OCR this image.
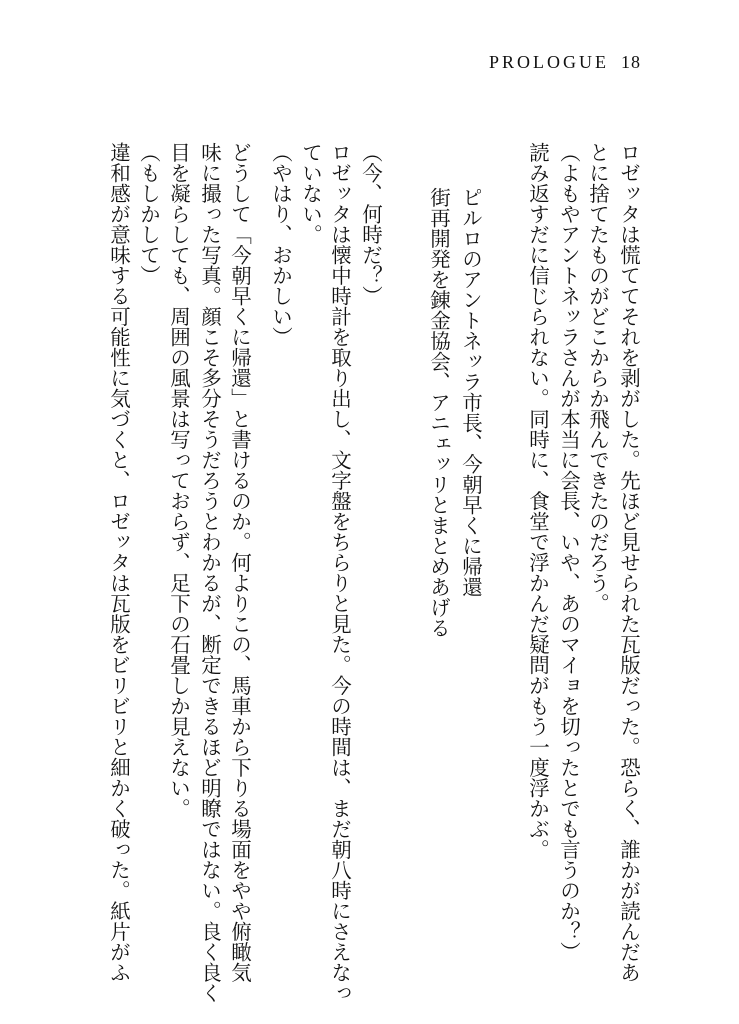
PROLOGUE 18
ロゼッタは慌ててそれを剥がした。先ほど見せられた瓦版だった。恐らく、誰かが読んだあ
とに捨てたものがどこからか飛んできたのだろう。
（よもやアントネッラさんが本当に会長、いや、あのマイョを切ったとでも言うのか？）
読み返すだに信じられない。同時に、食堂で浮かんだ疑問がもう一度浮かぶ。
ピルロのアントネッラ市長、今朝早くに帰還
街再開発を錬金協会、アニェッリとまとめあげる
（今、何時だ？）
ロゼッタは懐中時計を取り出し、文字盤をちらりと見た。今の時間は、まだ朝八時にさえなっ
ていない。
（やはり、おかしい）
どうして「今朝早くに帰還」と書けるのか。何よりこの、馬車から下りる場面をやや俯瞰気
味に撮った写真。顔こそ多分そうだろうとわかるが、断定できるほど明瞭ではない。良く良く
目を凝らしても、周囲の風景は写っておらず、足下の石畳しか見えない。
（もしかして）
違和感が意味する可能性に気づくと、ロゼッタは瓦版をビリビリと細かく破った。紙片がふ
